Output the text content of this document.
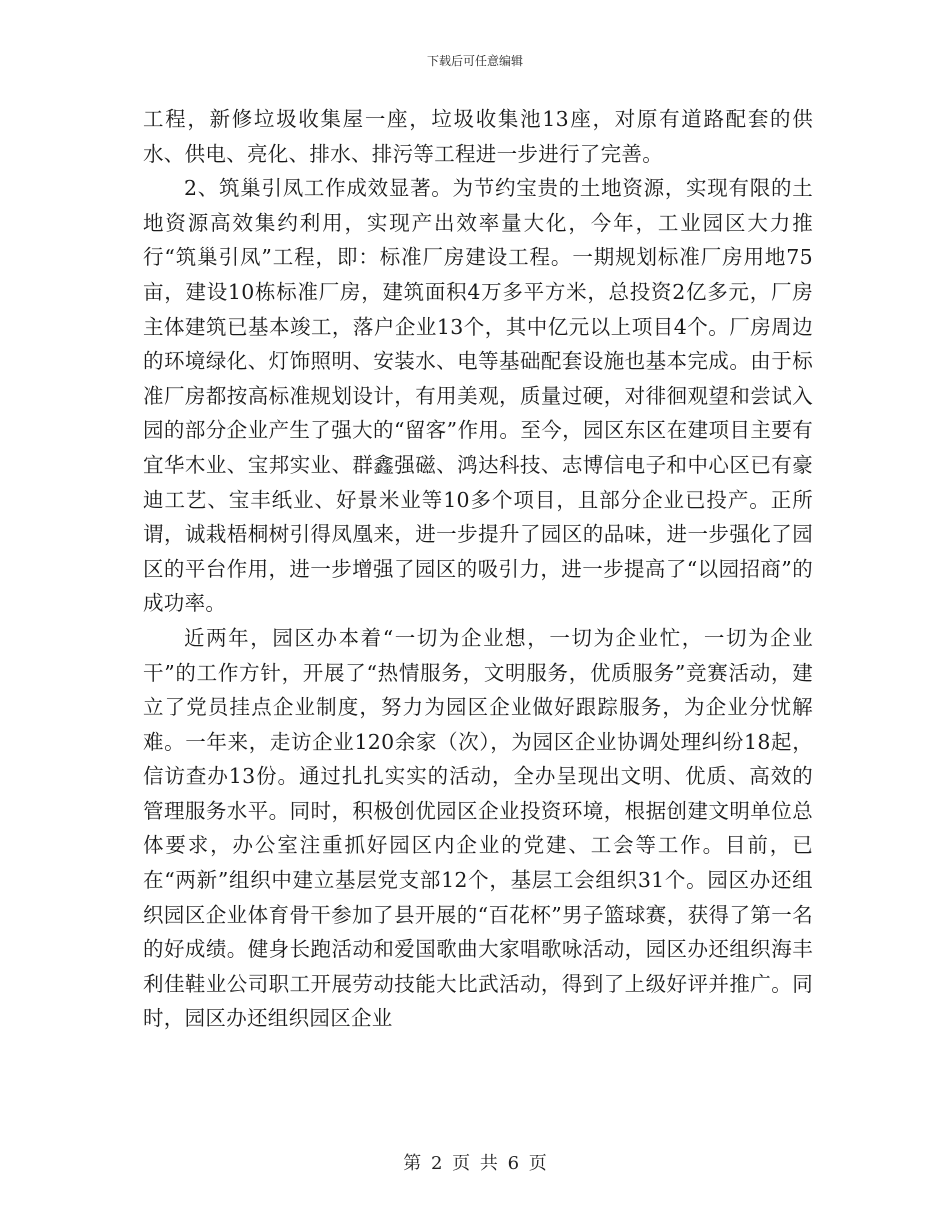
下载后可任意编辑

工程，新修垃圾收集屋一座，垃圾收集池13座，对原有道路配套的供水、供电、亮化、排水、排污等工程进一步进行了完善。

2、筑巢引凤工作成效显著。为节约宝贵的土地资源，实现有限的土地资源高效集约利用，实现产出效率量大化，今年，工业园区大力推行“筑巢引凤”工程，即：标准厂房建设工程。一期规划标准厂房用地75亩，建设10栋标准厂房，建筑面积4万多平方米，总投资2亿多元，厂房主体建筑已基本竣工，落户企业13个，其中亿元以上项目4个。厂房周边的环境绿化、灯饰照明、安装水、电等基础配套设施也基本完成。由于标准厂房都按高标准规划设计，有用美观，质量过硬，对徘徊观望和尝试入园的部分企业产生了强大的“留客”作用。至今，园区东区在建项目主要有宜华木业、宝邦实业、群鑫强磁、鸿达科技、志博信电子和中心区已有豪迪工艺、宝丰纸业、好景米业等10多个项目，且部分企业已投产。正所谓，诚栽梧桐树引得凤凰来，进一步提升了园区的品味，进一步强化了园区的平台作用，进一步增强了园区的吸引力，进一步提高了“以园招商”的成功率。

近两年，园区办本着“一切为企业想，一切为企业忙，一切为企业干”的工作方针，开展了“热情服务，文明服务，优质服务”竞赛活动，建立了党员挂点企业制度，努力为园区企业做好跟踪服务，为企业分忧解难。一年来，走访企业120余家（次），为园区企业协调处理纠纷18起，信访查办13份。通过扎扎实实的活动，全办呈现出文明、优质、高效的管理服务水平。同时，积极创优园区企业投资环境，根据创建文明单位总体要求，办公室注重抓好园区内企业的党建、工会等工作。目前，已在“两新”组织中建立基层党支部12个，基层工会组织31个。园区办还组织园区企业体育骨干参加了县开展的“百花杯”男子篮球赛，获得了第一名的好成绩。健身长跑活动和爱国歌曲大家唱歌咏活动，园区办还组织海丰利佳鞋业公司职工开展劳动技能大比武活动，得到了上级好评并推广。同时，园区办还组织园区企业

第 2 页 共 6 页
